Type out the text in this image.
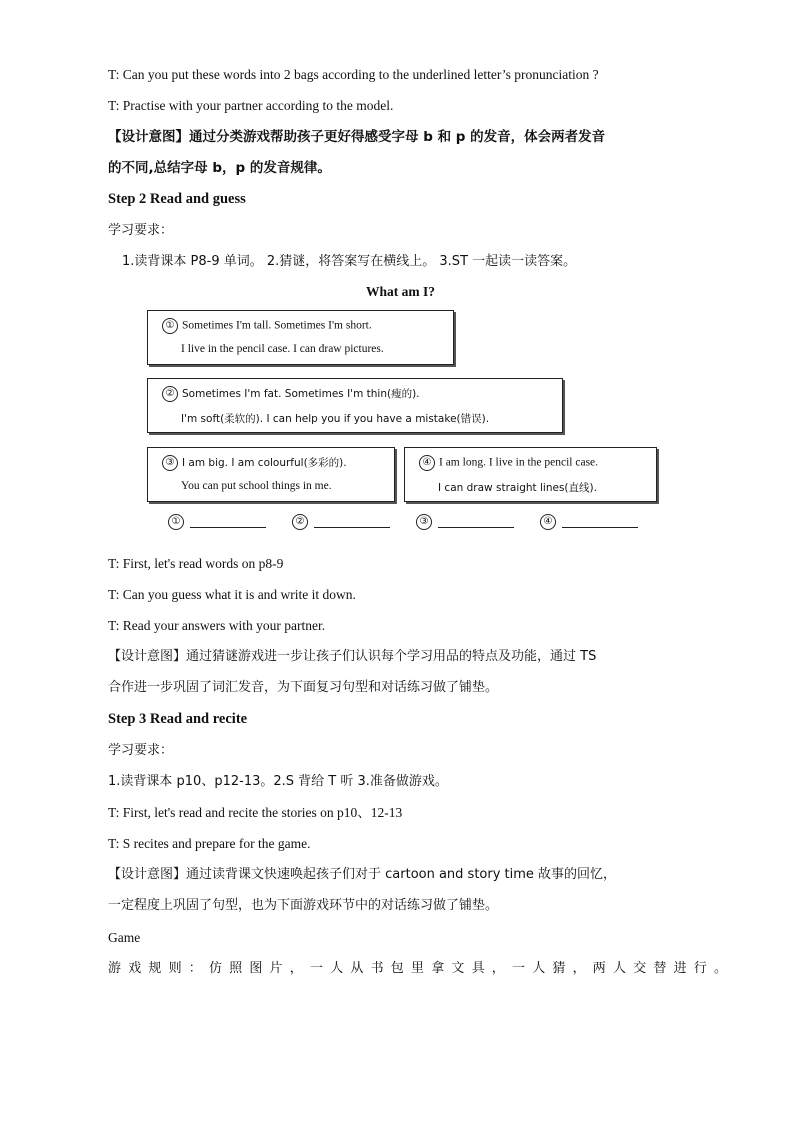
T: Can you put these words into 2 bags according to the underlined letter’s pronunciation ?
T: Practise with your partner according to the model.
【设计意图】通过分类游戏帮助孩子更好得感受字母 b 和 p 的发音，体会两者发音
的不同,总结字母 b，p 的发音规律。
Step 2 Read and guess
学习要求：
1.读背课本 P8-9 单词。 2.猜谜，将答案写在横线上。 3.ST 一起读一读答案。
What am I?
① Sometimes I'm tall. Sometimes I'm short.
I live in the pencil case. I can draw pictures.
② Sometimes I'm fat. Sometimes I'm thin(瘦的).
I'm soft(柔软的). I can help you if you have a mistake(错误).
③ I am big. I am colourful(多彩的).
You can put school things in me.
④ I am long. I live in the pencil case.
I can draw straight lines(直线).
①	②	③	④
T: First, let's read words on p8-9
T: Can you guess what it is and write it down.
T: Read your answers with your partner.
【设计意图】通过猜谜游戏进一步让孩子们认识每个学习用品的特点及功能，通过 TS
合作进一步巩固了词汇发音，为下面复习句型和对话练习做了铺垫。
Step 3 Read and recite
学习要求：
1.读背课本 p10、p12-13。2.S 背给 T 听 3.准备做游戏。
T: First, let's read and recite the stories on p10、12-13
T: S recites and prepare for the game.
【设计意图】通过读背课文快速唤起孩子们对于 cartoon and story time 故事的回忆，
一定程度上巩固了句型，也为下面游戏环节中的对话练习做了铺垫。
Game
游戏规则：仿照图片，一人从书包里拿文具，一人猜，两人交替进行。
